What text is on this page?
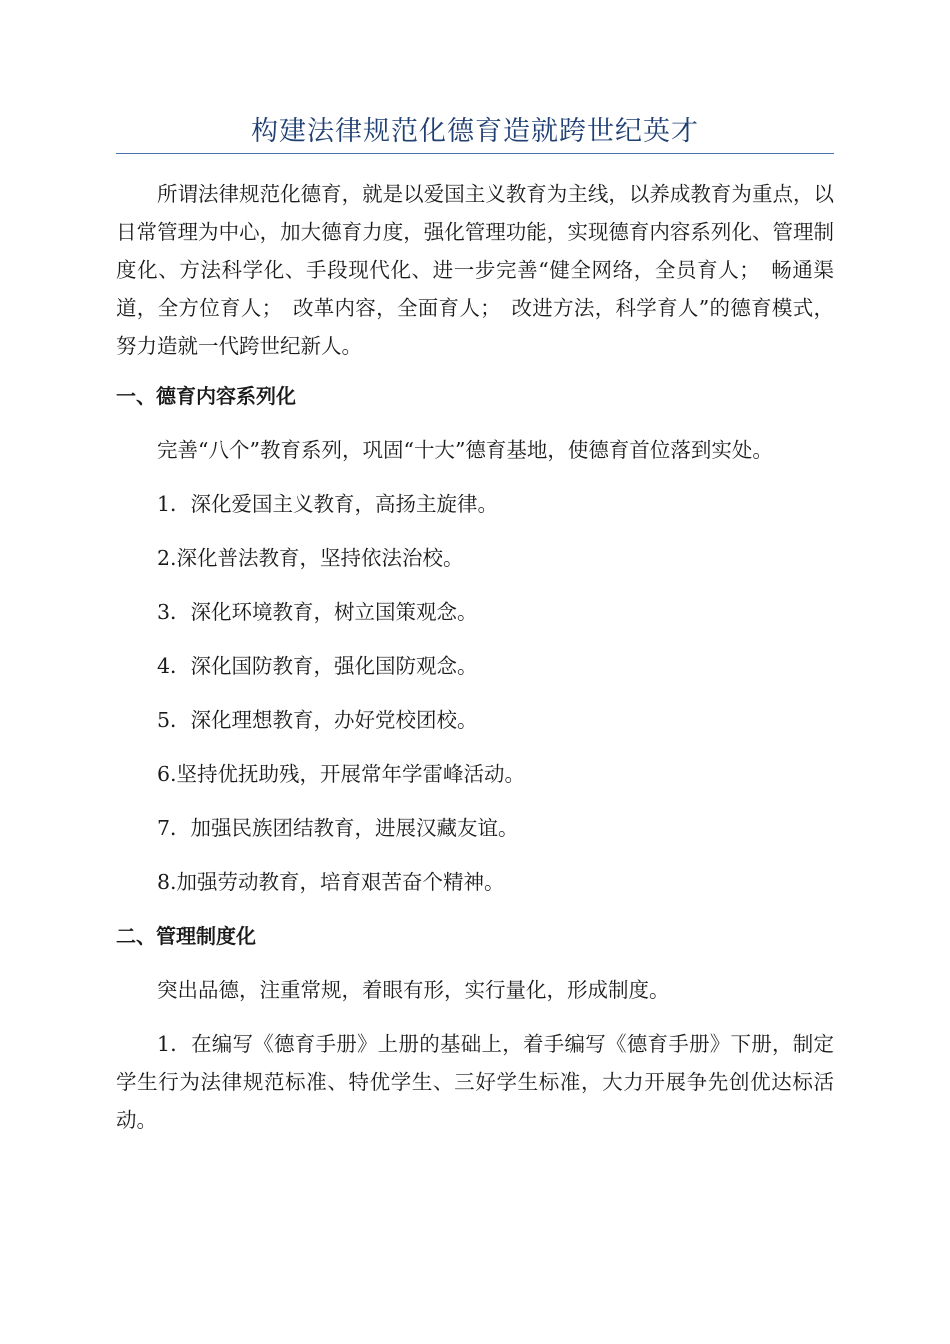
构建法律规范化德育造就跨世纪英才

所谓法律规范化德育，就是以爱国主义教育为主线，以养成教育为重点，以日常管理为中心，加大德育力度，强化管理功能，实现德育内容系列化、管理制度化、方法科学化、手段现代化、进一步完善“健全网络，全员育人；　畅通渠道，全方位育人；　改革内容，全面育人；　改进方法，科学育人”的德育模式，努力造就一代跨世纪新人。

一、德育内容系列化

完善“八个”教育系列，巩固“十大”德育基地，使德育首位落到实处。

1．深化爱国主义教育，高扬主旋律。

2.深化普法教育，坚持依法治校。

3．深化环境教育，树立国策观念。

4．深化国防教育，强化国防观念。

5．深化理想教育，办好党校团校。

6.坚持优抚助残，开展常年学雷峰活动。

7．加强民族团结教育，进展汉藏友谊。

8.加强劳动教育，培育艰苦奋个精神。

二、管理制度化

突出品德，注重常规，着眼有形，实行量化，形成制度。

1．在编写《德育手册》上册的基础上，着手编写《德育手册》下册，制定学生行为法律规范标准、特优学生、三好学生标准，大力开展争先创优达标活动。
